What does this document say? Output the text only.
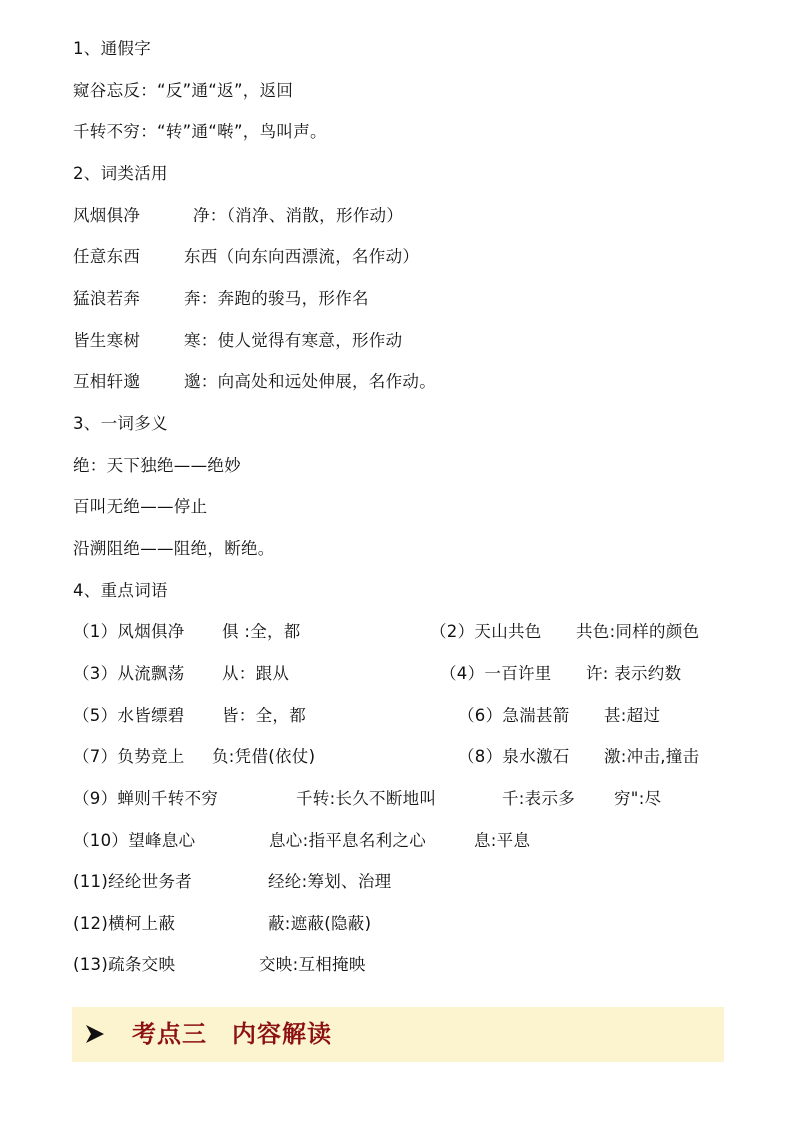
1、通假字
窥谷忘反：“反”通“返”，返回
千转不穷：“转”通“啭”，鸟叫声。
2、词类活用
风烟俱净	净：（消净、消散，形作动）
任意东西	东西（向东向西漂流，名作动）
猛浪若奔	奔：奔跑的骏马，形作名
皆生寒树	寒：使人觉得有寒意，形作动
互相轩邈	邈：向高处和远处伸展，名作动。
3、一词多义
绝：天下独绝——绝妙
百叫无绝——停止
沿溯阻绝——阻绝，断绝。
4、重点词语
（1）风烟俱净 俱 :全，都	（2）天山共色 共色:同样的颜色
（3）从流飘荡 从：跟从	（4）一百许里 许: 表示约数
（5）水皆缥碧 皆：全，都	（6）急湍甚箭 甚:超过
（7）负势竞上 负:凭借(依仗)	（8）泉水激石 激:冲击,撞击
（9）蝉则千转不穷	千转:长久不断地叫	千:表示多 穷":尽
（10）望峰息心	息心:指平息名利之心	息:平息
(11)经纶世务者	经纶:筹划、治理
(12)横柯上蔽	蔽:遮蔽(隐蔽)
(13)疏条交映	交映:互相掩映
考点三　内容解读
